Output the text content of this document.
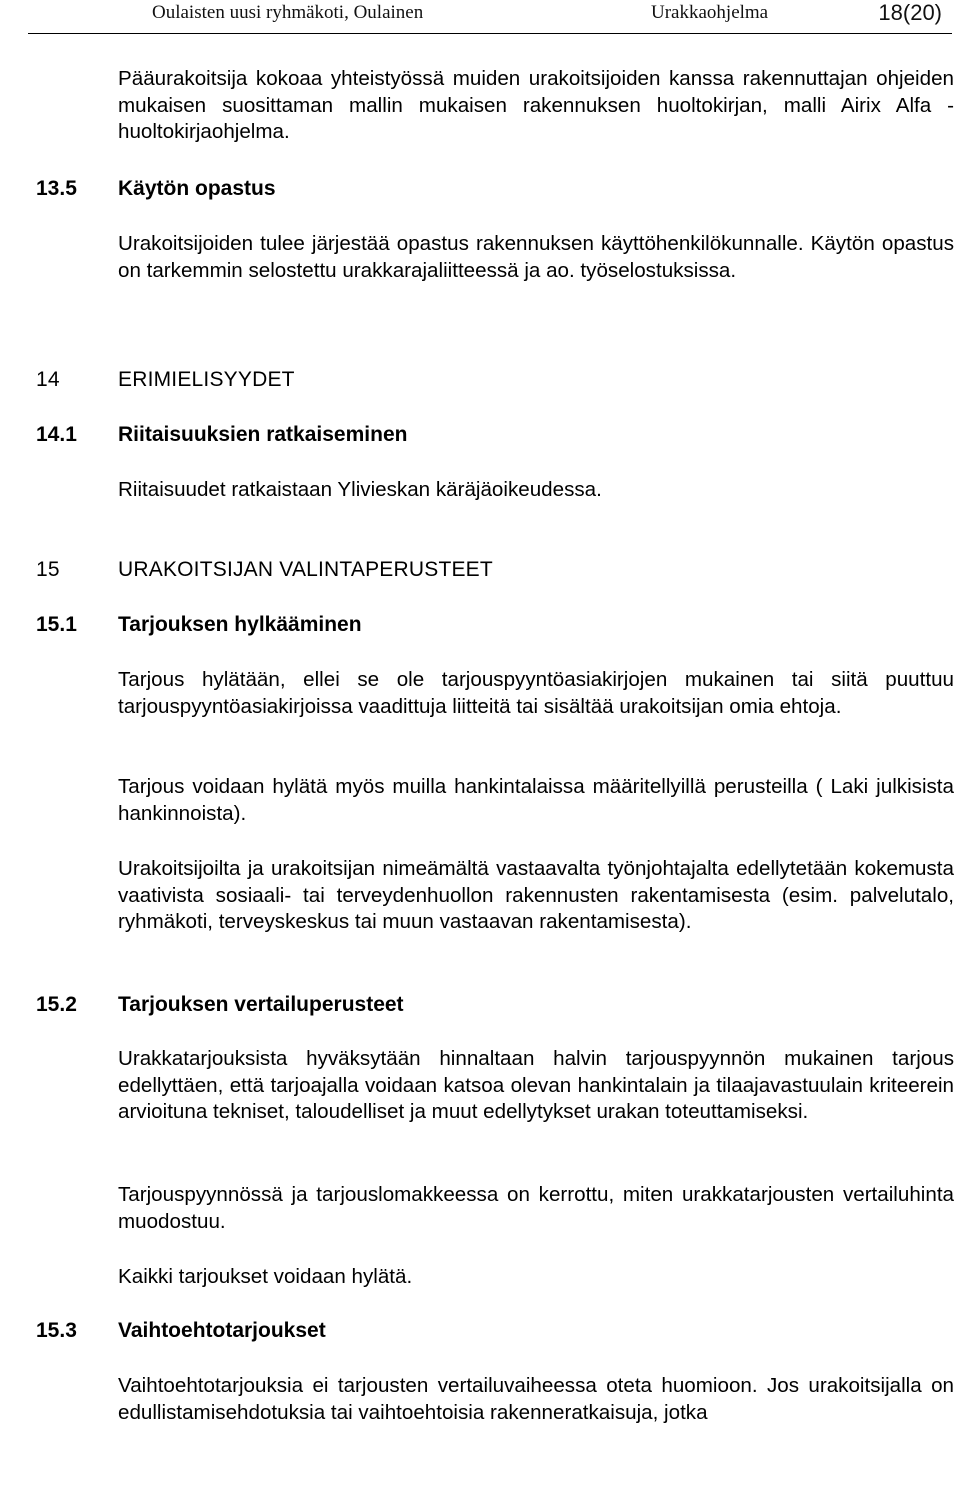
Oulaisten uusi ryhmäkoti, Oulainen	Urakkaohjelma	18(20)
Pääurakoitsija kokoaa yhteistyössä muiden urakoitsijoiden kanssa rakennuttajan ohjeiden mukaisen suosittaman mallin mukaisen rakennuksen huoltokirjan, malli Airix Alfa -huoltokirjaohjelma.
13.5 Käytön opastus
Urakoitsijoiden tulee järjestää opastus rakennuksen käyttöhenkilökunnalle. Käytön opastus on tarkemmin selostettu urakkarajaliitteessä ja ao. työselostuksissa.
14	ERIMIELISYYDET
14.1 Riitaisuuksien ratkaiseminen
Riitaisuudet ratkaistaan Ylivieskan käräjäoikeudessa.
15	URAKOITSIJAN VALINTAPERUSTEET
15.1 Tarjouksen hylkääminen
Tarjous hylätään, ellei se ole tarjouspyyntöasiakirjojen mukainen tai siitä puuttuu tarjouspyyntöasiakirjoissa vaadittuja liitteitä tai sisältää urakoitsijan omia ehtoja.
Tarjous voidaan hylätä myös muilla hankintalaissa määritellyillä perusteilla ( Laki julkisista hankinnoista).
Urakoitsijoilta ja urakoitsijan nimeämältä vastaavalta työnjohtajalta edellytetään kokemusta vaativista sosiaali- tai terveydenhuollon rakennusten rakentamisesta (esim. palvelutalo, ryhmäkoti, terveyskeskus tai muun vastaavan rakentamisesta).
15.2 Tarjouksen vertailuperusteet
Urakkatarjouksista hyväksytään hinnaltaan halvin tarjouspyynnön mukainen tarjous edellyttäen, että tarjoajalla voidaan katsoa olevan hankintalain ja tilaajavastuulain kriteerein arvioituna tekniset, taloudelliset ja muut edellytykset urakan toteuttamiseksi.
Tarjouspyynnössä ja tarjouslomakkeessa on kerrottu, miten urakkatarjousten vertailuhinta muodostuu.
Kaikki tarjoukset voidaan hylätä.
15.3 Vaihtoehtotarjoukset
Vaihtoehtotarjouksia ei tarjousten vertailuvaiheessa oteta huomioon. Jos urakoitsijalla on edullistamisehdotuksia tai vaihtoehtoisia rakenneratkaisuja, jotka
